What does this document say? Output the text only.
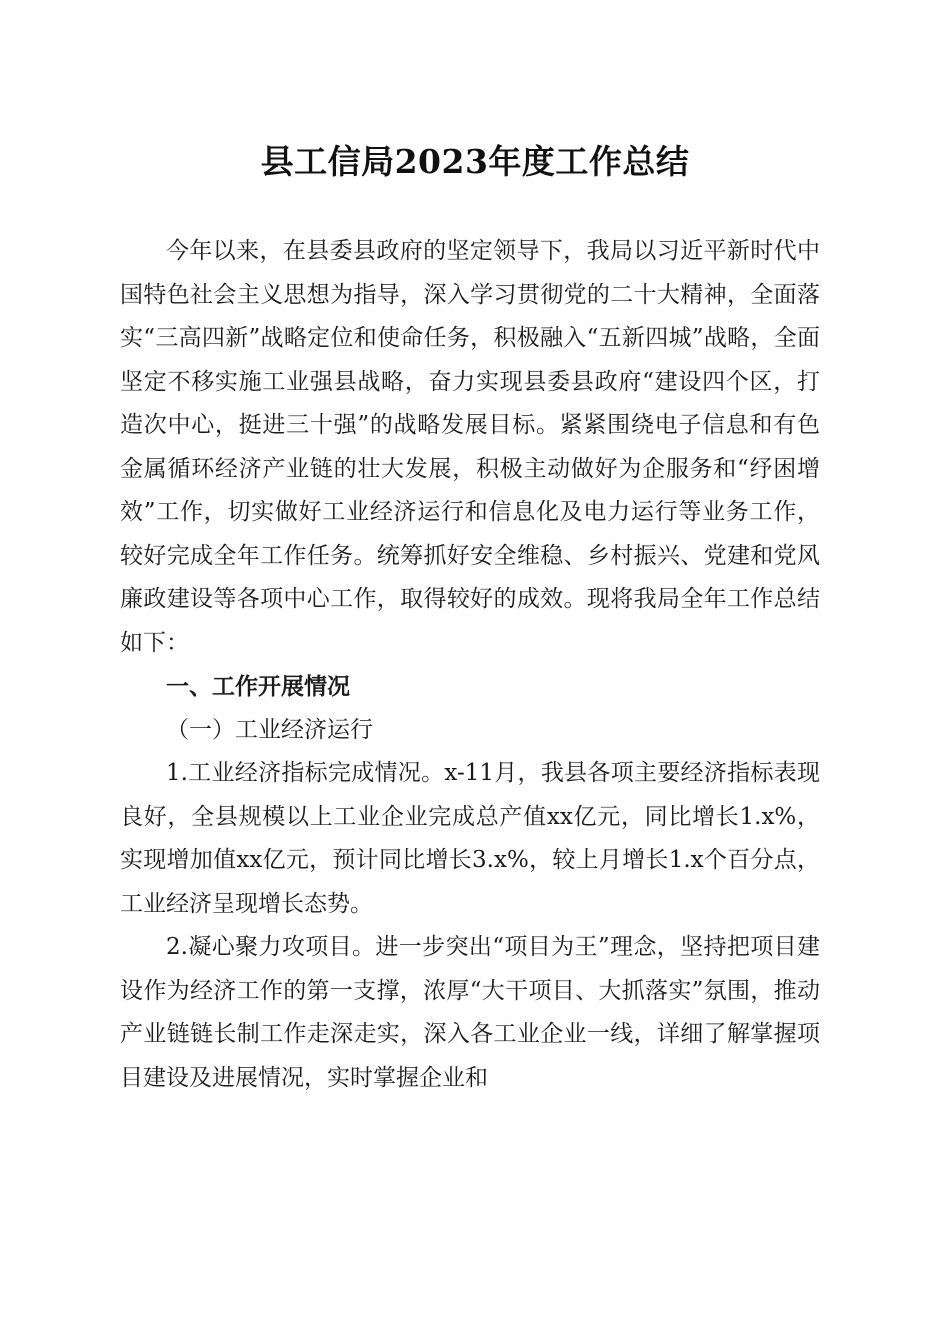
县工信局2023年度工作总结

今年以来，在县委县政府的坚定领导下，我局以习近平新时代中国特色社会主义思想为指导，深入学习贯彻党的二十大精神，全面落实“三高四新”战略定位和使命任务，积极融入“五新四城”战略，全面坚定不移实施工业强县战略，奋力实现县委县政府“建设四个区，打造次中心，挺进三十强”的战略发展目标。紧紧围绕电子信息和有色金属循环经济产业链的壮大发展，积极主动做好为企服务和“纾困增效”工作，切实做好工业经济运行和信息化及电力运行等业务工作，较好完成全年工作任务。统筹抓好安全维稳、乡村振兴、党建和党风廉政建设等各项中心工作，取得较好的成效。现将我局全年工作总结如下：

一、工作开展情况

（一）工业经济运行

1.工业经济指标完成情况。x-11月，我县各项主要经济指标表现良好，全县规模以上工业企业完成总产值xx亿元，同比增长1.x%，实现增加值xx亿元，预计同比增长3.x%，较上月增长1.x个百分点，工业经济呈现增长态势。

2.凝心聚力攻项目。进一步突出“项目为王”理念，坚持把项目建设作为经济工作的第一支撑，浓厚“大干项目、大抓落实”氛围，推动产业链链长制工作走深走实，深入各工业企业一线，详细了解掌握项目建设及进展情况，实时掌握企业和
